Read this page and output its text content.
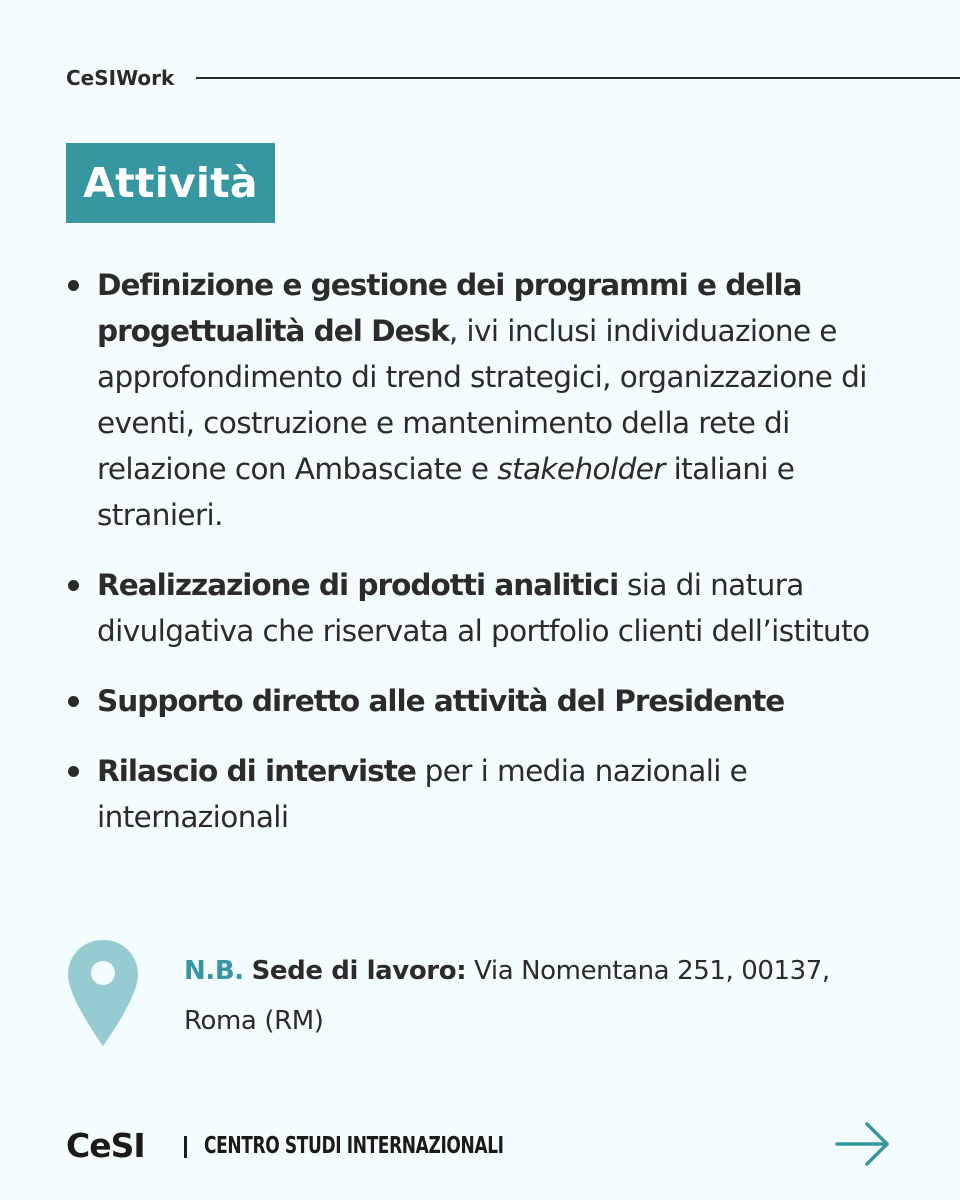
CeSIWork
Attività
Definizione e gestione dei programmi e della progettualità del Desk, ivi inclusi individuazione e approfondimento di trend strategici, organizzazione di eventi, costruzione e mantenimento della rete di relazione con Ambasciate e stakeholder italiani e stranieri.
Realizzazione di prodotti analitici sia di natura divulgativa che riservata al portfolio clienti dell’istituto
Supporto diretto alle attività del Presidente
Rilascio di interviste per i media nazionali e internazionali
N.B. Sede di lavoro: Via Nomentana 251, 00137, Roma (RM)
CeSI	CENTRO STUDI INTERNAZIONALI
